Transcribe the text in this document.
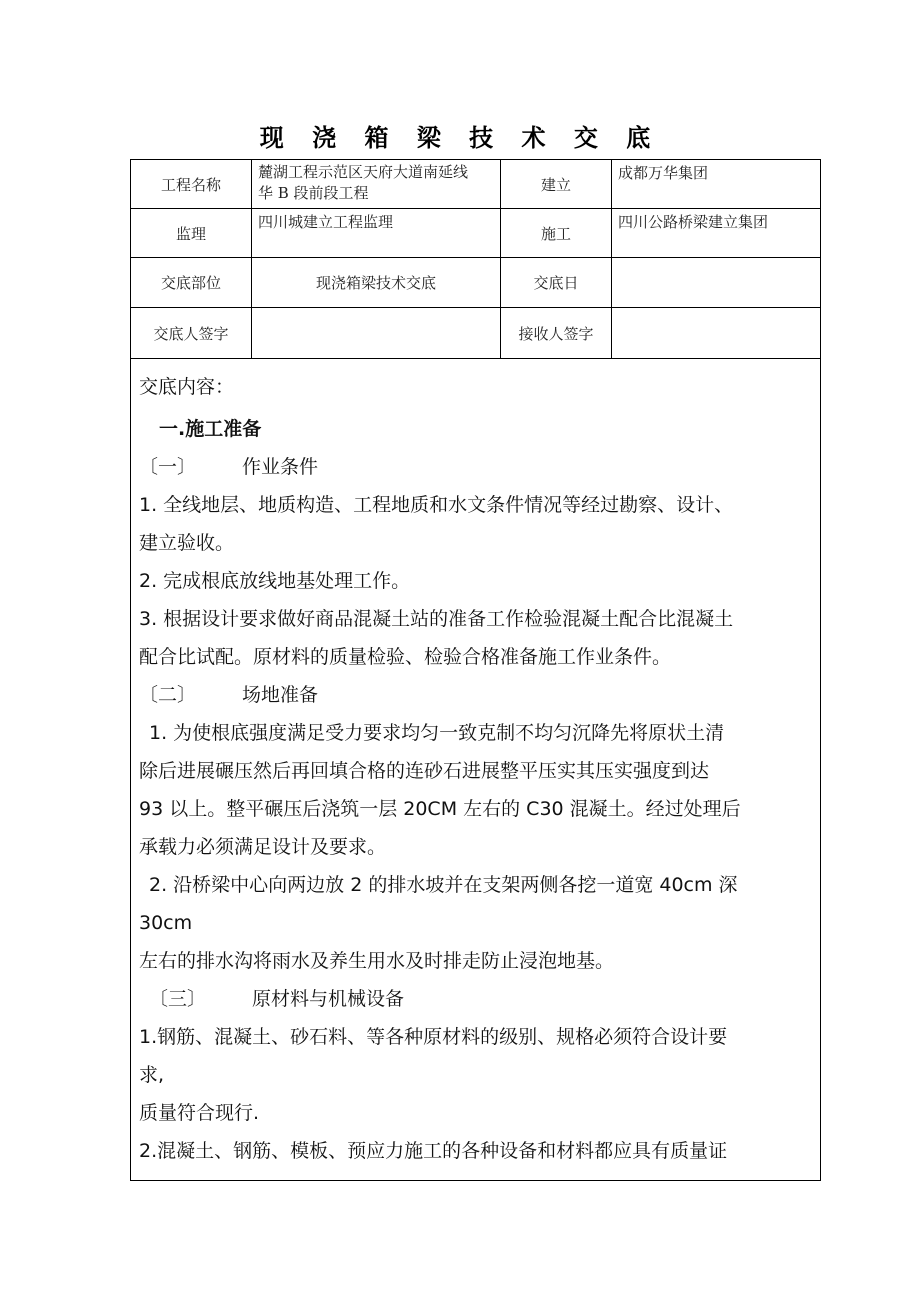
现 浇 箱 梁 技 术 交 底
工程名称	麓湖工程示范区天府大道南延线
华 B 段前段工程	建立	成都万华集团
监理	四川城建立工程监理	施工	四川公路桥梁建立集团
交底部位	现浇箱梁技术交底	交底日	
交底人签字		接收人签字	

交底内容：

一.施工准备

〔一〕 作业条件

1. 全线地层、地质构造、工程地质和水文条件情况等经过勘察、设计、

建立验收。

2. 完成根底放线地基处理工作。

3. 根据设计要求做好商品混凝土站的准备工作检验混凝土配合比混凝土

配合比试配。原材料的质量检验、检验合格准备施工作业条件。

〔二〕 场地准备

1. 为使根底强度满足受力要求均匀一致克制不均匀沉降先将原状土清

除后进展碾压然后再回填合格的连砂石进展整平压实其压实强度到达

93 以上。整平碾压后浇筑一层 20CM 左右的 C30 混凝土。经过处理后

承载力必须满足设计及要求。

2. 沿桥梁中心向两边放 2 的排水坡并在支架两侧各挖一道宽 40cm 深

30cm

左右的排水沟将雨水及养生用水及时排走防止浸泡地基。

〔三〕 原材料与机械设备

1.钢筋、混凝土、砂石料、等各种原材料的级别、规格必须符合设计要

求,

质量符合现行.

2.混凝土、钢筋、模板、预应力施工的各种设备和材料都应具有质量证
